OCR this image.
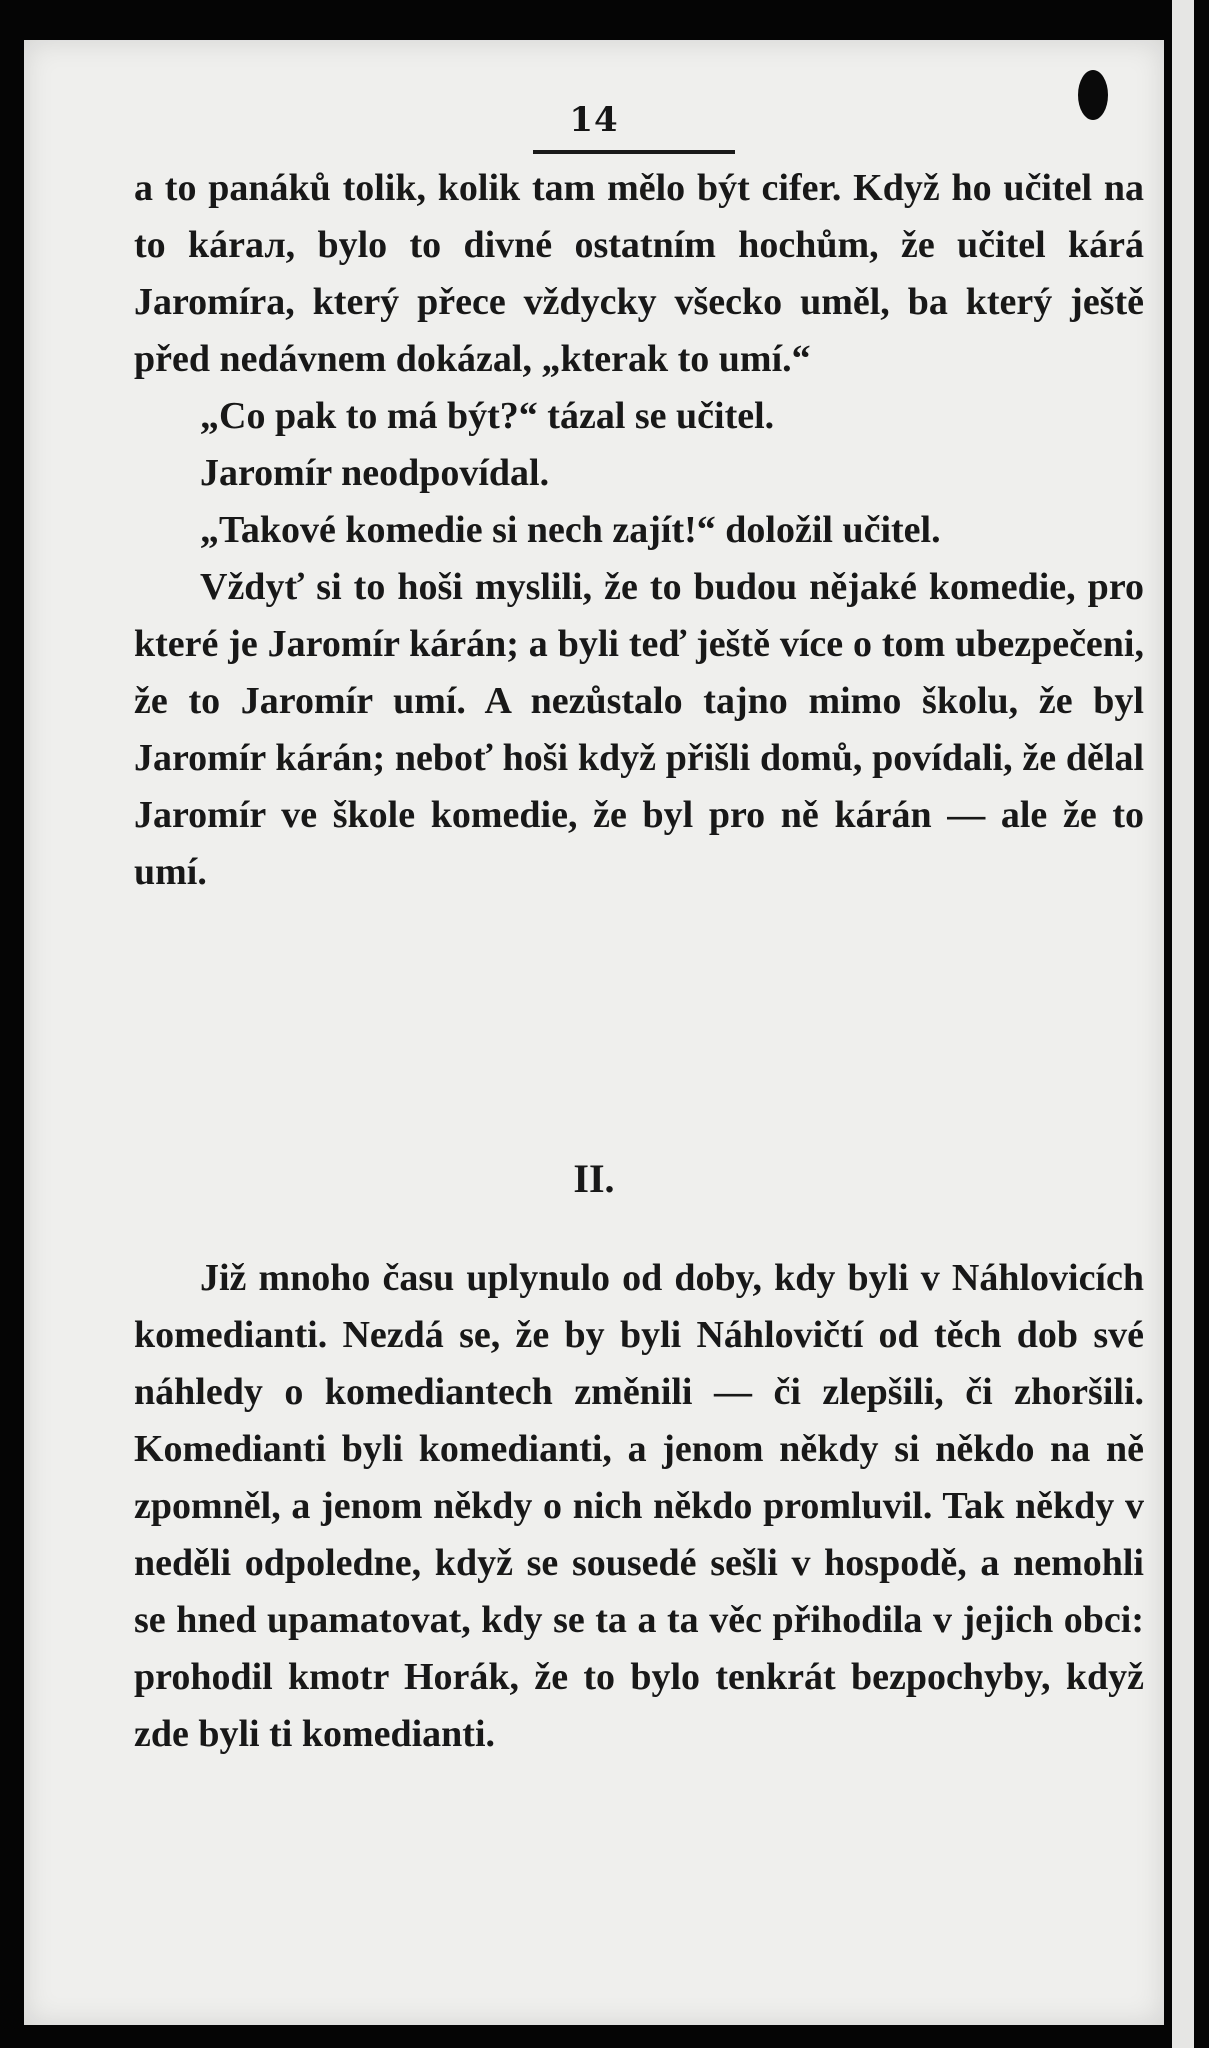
14

a to panáků tolik, kolik tam mělo být cifer. Když ho učitel na to kárал, bylo to divné ostatním hochům, že učitel kárá Jaromíra, který přece vždycky všecko uměl, ba který ještě před nedávnem dokázal, „kterak to umí.“

„Co pak to má být?“ tázal se učitel.

Jaromír neodpovídal.

„Takové komedie si nech zajít!“ doložil učitel.

Vždyť si to hoši myslili, že to budou nějaké komedie, pro které je Jaromír kárán; a byli teď ještě více o tom ubezpečeni, že to Jaromír umí. A nezůstalo tajno mimo školu, že byl Jaromír kárán; neboť hoši když přišli domů, povídali, že dělal Jaromír ve škole komedie, že byl pro ně kárán — ale že to umí.

II.

Již mnoho času uplynulo od doby, kdy byli v Náhlovicích komedianti. Nezdá se, že by byli Náhlovičtí od těch dob své náhledy o komediantech změnili — či zlepšili, či zhoršili. Komedianti byli komedianti, a jenom někdy si někdo na ně zpomněl, a jenom někdy o nich někdo promluvil. Tak někdy v neděli odpoledne, když se sousedé sešli v hospodě, a nemohli se hned upamatovat, kdy se ta a ta věc přihodila v jejich obci: prohodil kmotr Horák, že to bylo tenkrát bezpochyby, když zde byli ti komedianti.
